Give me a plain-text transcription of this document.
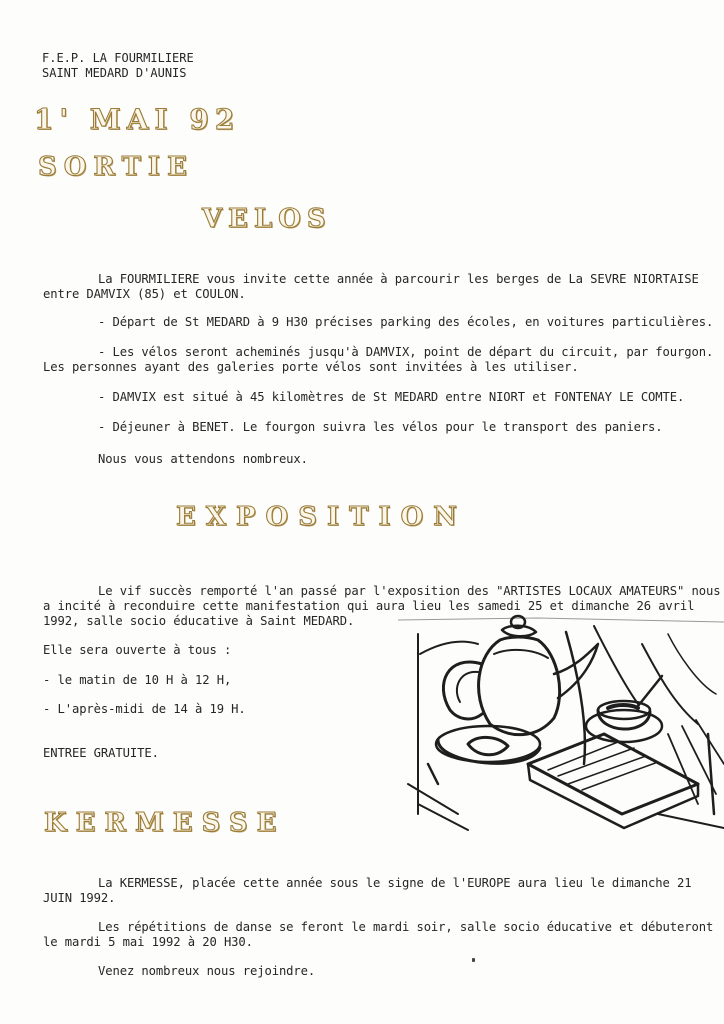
F.E.P. LA FOURMILIERE
SAINT MEDARD D'AUNIS
1' MAI 92
SORTIE
VELOS
La FOURMILIERE vous invite cette année à parcourir les berges de La SEVRE NIORTAISE
entre DAMVIX (85) et COULON.
- Départ de St MEDARD à 9 H30 précises parking des écoles, en voitures particulières.
- Les vélos seront acheminés jusqu'à DAMVIX, point de départ du circuit, par fourgon.
Les personnes ayant des galeries porte vélos sont invitées à les utiliser.
- DAMVIX est situé à 45 kilomètres de St MEDARD entre NIORT et FONTENAY LE COMTE.
- Déjeuner à BENET. Le fourgon suivra les vélos pour le transport des paniers.
Nous vous attendons nombreux.
EXPOSITION
Le vif succès remporté l'an passé par l'exposition des "ARTISTES LOCAUX AMATEURS" nous
a incité à reconduire cette manifestation qui aura lieu les samedi 25 et dimanche 26 avril
1992, salle socio éducative à Saint MEDARD.
Elle sera ouverte à tous :
- le matin de 10 H à 12 H,
- L'après-midi de 14 à 19 H.
ENTREE GRATUITE.
KERMESSE
La KERMESSE, placée cette année sous le signe de l'EUROPE aura lieu le dimanche 21
JUIN 1992.
Les répétitions de danse se feront le mardi soir, salle socio éducative et débuteront
le mardi 5 mai 1992 à 20 H30.
Venez nombreux nous rejoindre.
